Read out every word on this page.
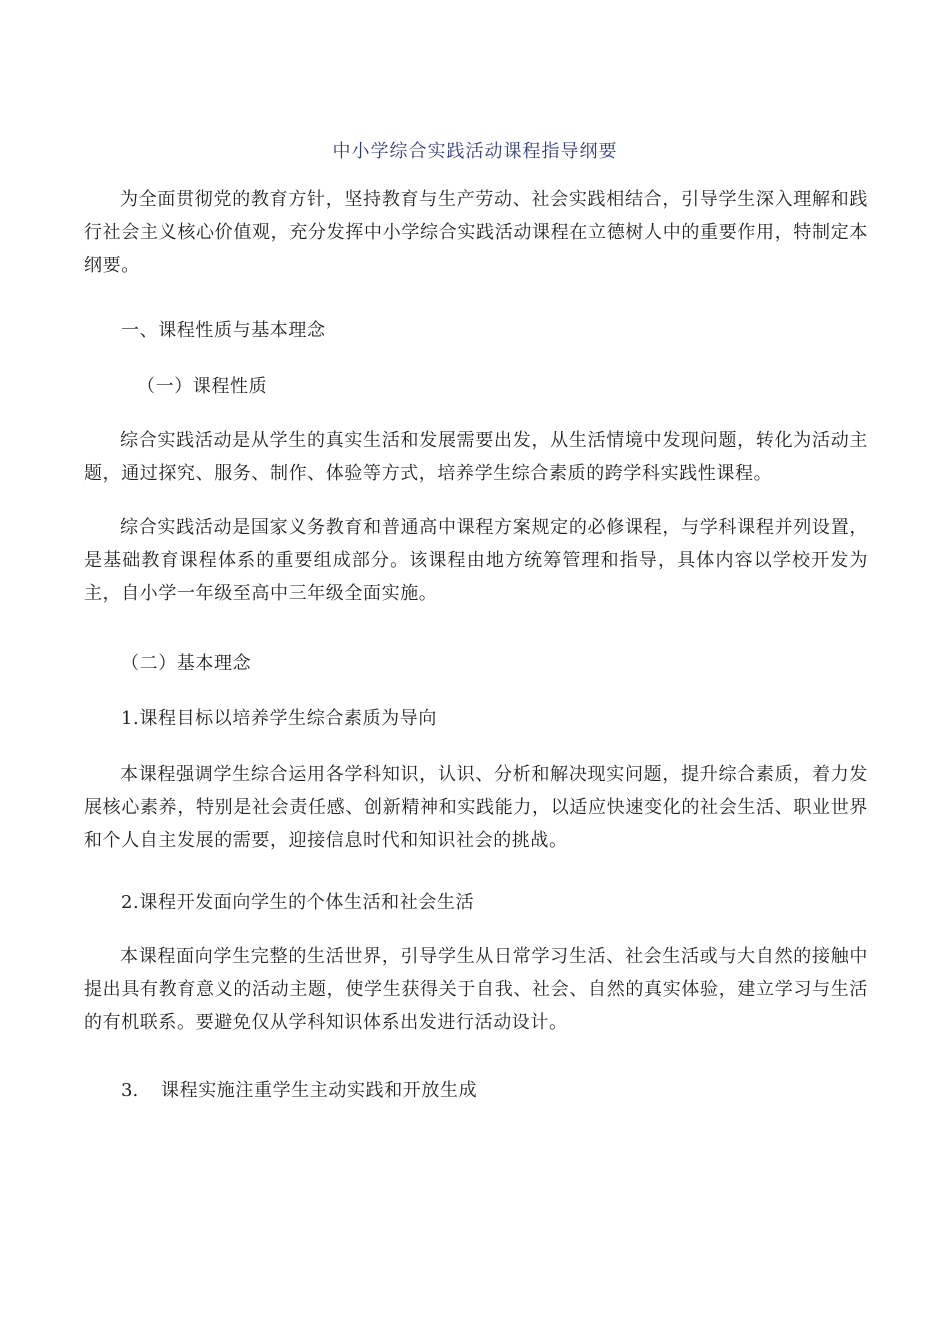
中小学综合实践活动课程指导纲要

为全面贯彻党的教育方针，坚持教育与生产劳动、社会实践相结合，引导学生深入理解和践行社会主义核心价值观，充分发挥中小学综合实践活动课程在立德树人中的重要作用，特制定本纲要。

一、课程性质与基本理念
（一）课程性质

综合实践活动是从学生的真实生活和发展需要出发，从生活情境中发现问题，转化为活动主题，通过探究、服务、制作、体验等方式，培养学生综合素质的跨学科实践性课程。

综合实践活动是国家义务教育和普通高中课程方案规定的必修课程，与学科课程并列设置，是基础教育课程体系的重要组成部分。该课程由地方统筹管理和指导，具体内容以学校开发为主，自小学一年级至高中三年级全面实施。

（二）基本理念
1.课程目标以培养学生综合素质为导向

本课程强调学生综合运用各学科知识，认识、分析和解决现实问题，提升综合素质，着力发展核心素养，特别是社会责任感、创新精神和实践能力，以适应快速变化的社会生活、职业世界和个人自主发展的需要，迎接信息时代和知识社会的挑战。

2.课程开发面向学生的个体生活和社会生活

本课程面向学生完整的生活世界，引导学生从日常学习生活、社会生活或与大自然的接触中提出具有教育意义的活动主题，使学生获得关于自我、社会、自然的真实体验，建立学习与生活的有机联系。要避免仅从学科知识体系出发进行活动设计。

3. 课程实施注重学生主动实践和开放生成
